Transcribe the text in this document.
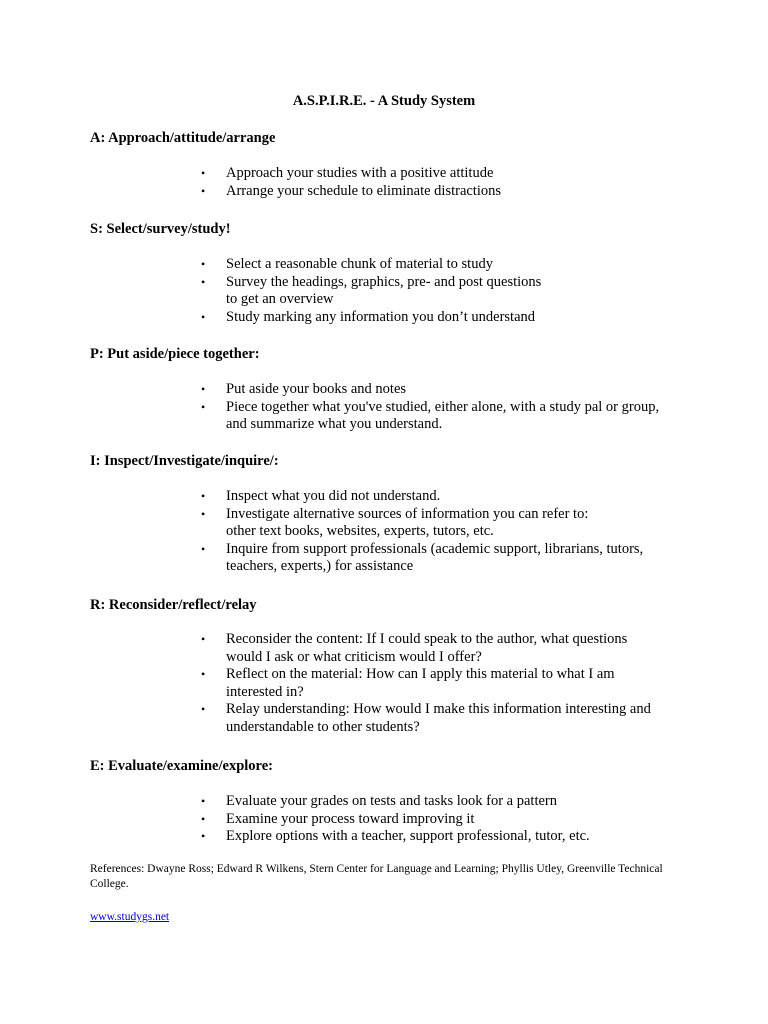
A.S.P.I.R.E. - A Study System
A: Approach/attitude/arrange
• Approach your studies with a positive attitude
• Arrange your schedule to eliminate distractions
S: Select/survey/study!
• Select a reasonable chunk of material to study
• Survey the headings, graphics, pre- and post questions
to get an overview
• Study marking any information you don’t understand
P: Put aside/piece together:
• Put aside your books and notes
• Piece together what you've studied, either alone, with a study pal or group,
and summarize what you understand.
I: Inspect/Investigate/inquire/:
• Inspect what you did not understand.
• Investigate alternative sources of information you can refer to:
other text books, websites, experts, tutors, etc.
• Inquire from support professionals (academic support, librarians, tutors,
teachers, experts,) for assistance
R: Reconsider/reflect/relay
• Reconsider the content: If I could speak to the author, what questions
would I ask or what criticism would I offer?
• Reflect on the material: How can I apply this material to what I am
interested in?
• Relay understanding: How would I make this information interesting and
understandable to other students?
E: Evaluate/examine/explore:
• Evaluate your grades on tests and tasks look for a pattern
• Examine your process toward improving it
• Explore options with a teacher, support professional, tutor, etc.
References: Dwayne Ross; Edward R Wilkens, Stern Center for Language and Learning; Phyllis Utley, Greenville Technical College.
www.studygs.net
